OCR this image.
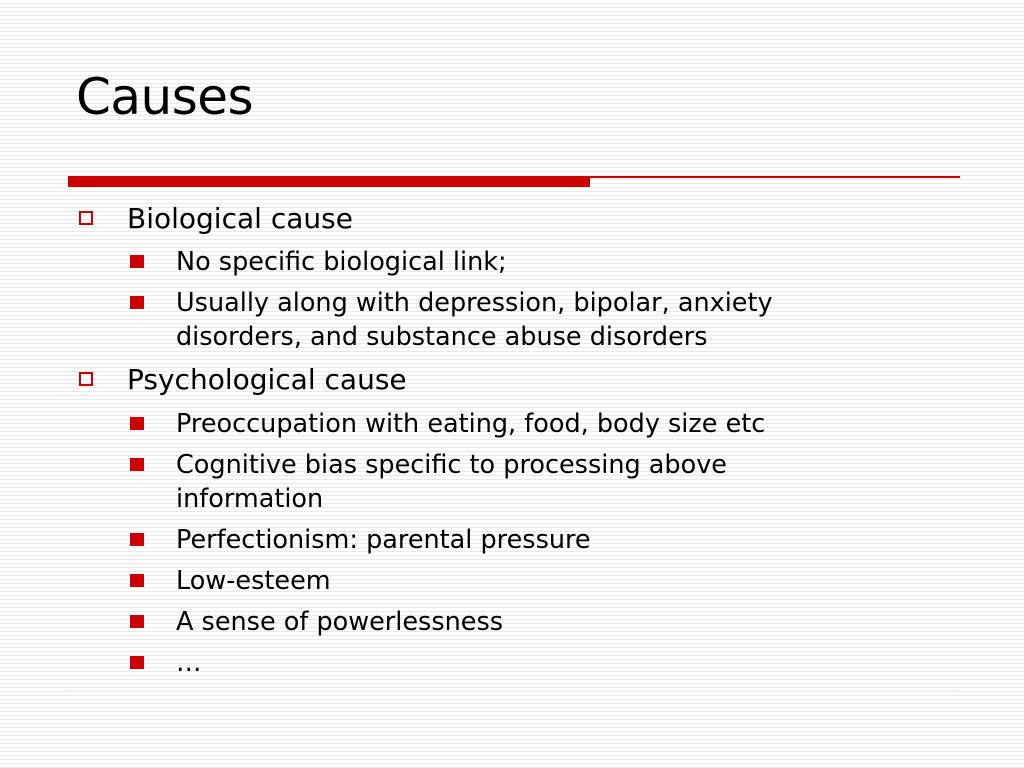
Causes
Biological cause
No specific biological link;
Usually along with depression, bipolar, anxiety
disorders, and substance abuse disorders
Psychological cause
Preoccupation with eating, food, body size etc
Cognitive bias specific to processing above
information
Perfectionism: parental pressure
Low-esteem
A sense of powerlessness
…
